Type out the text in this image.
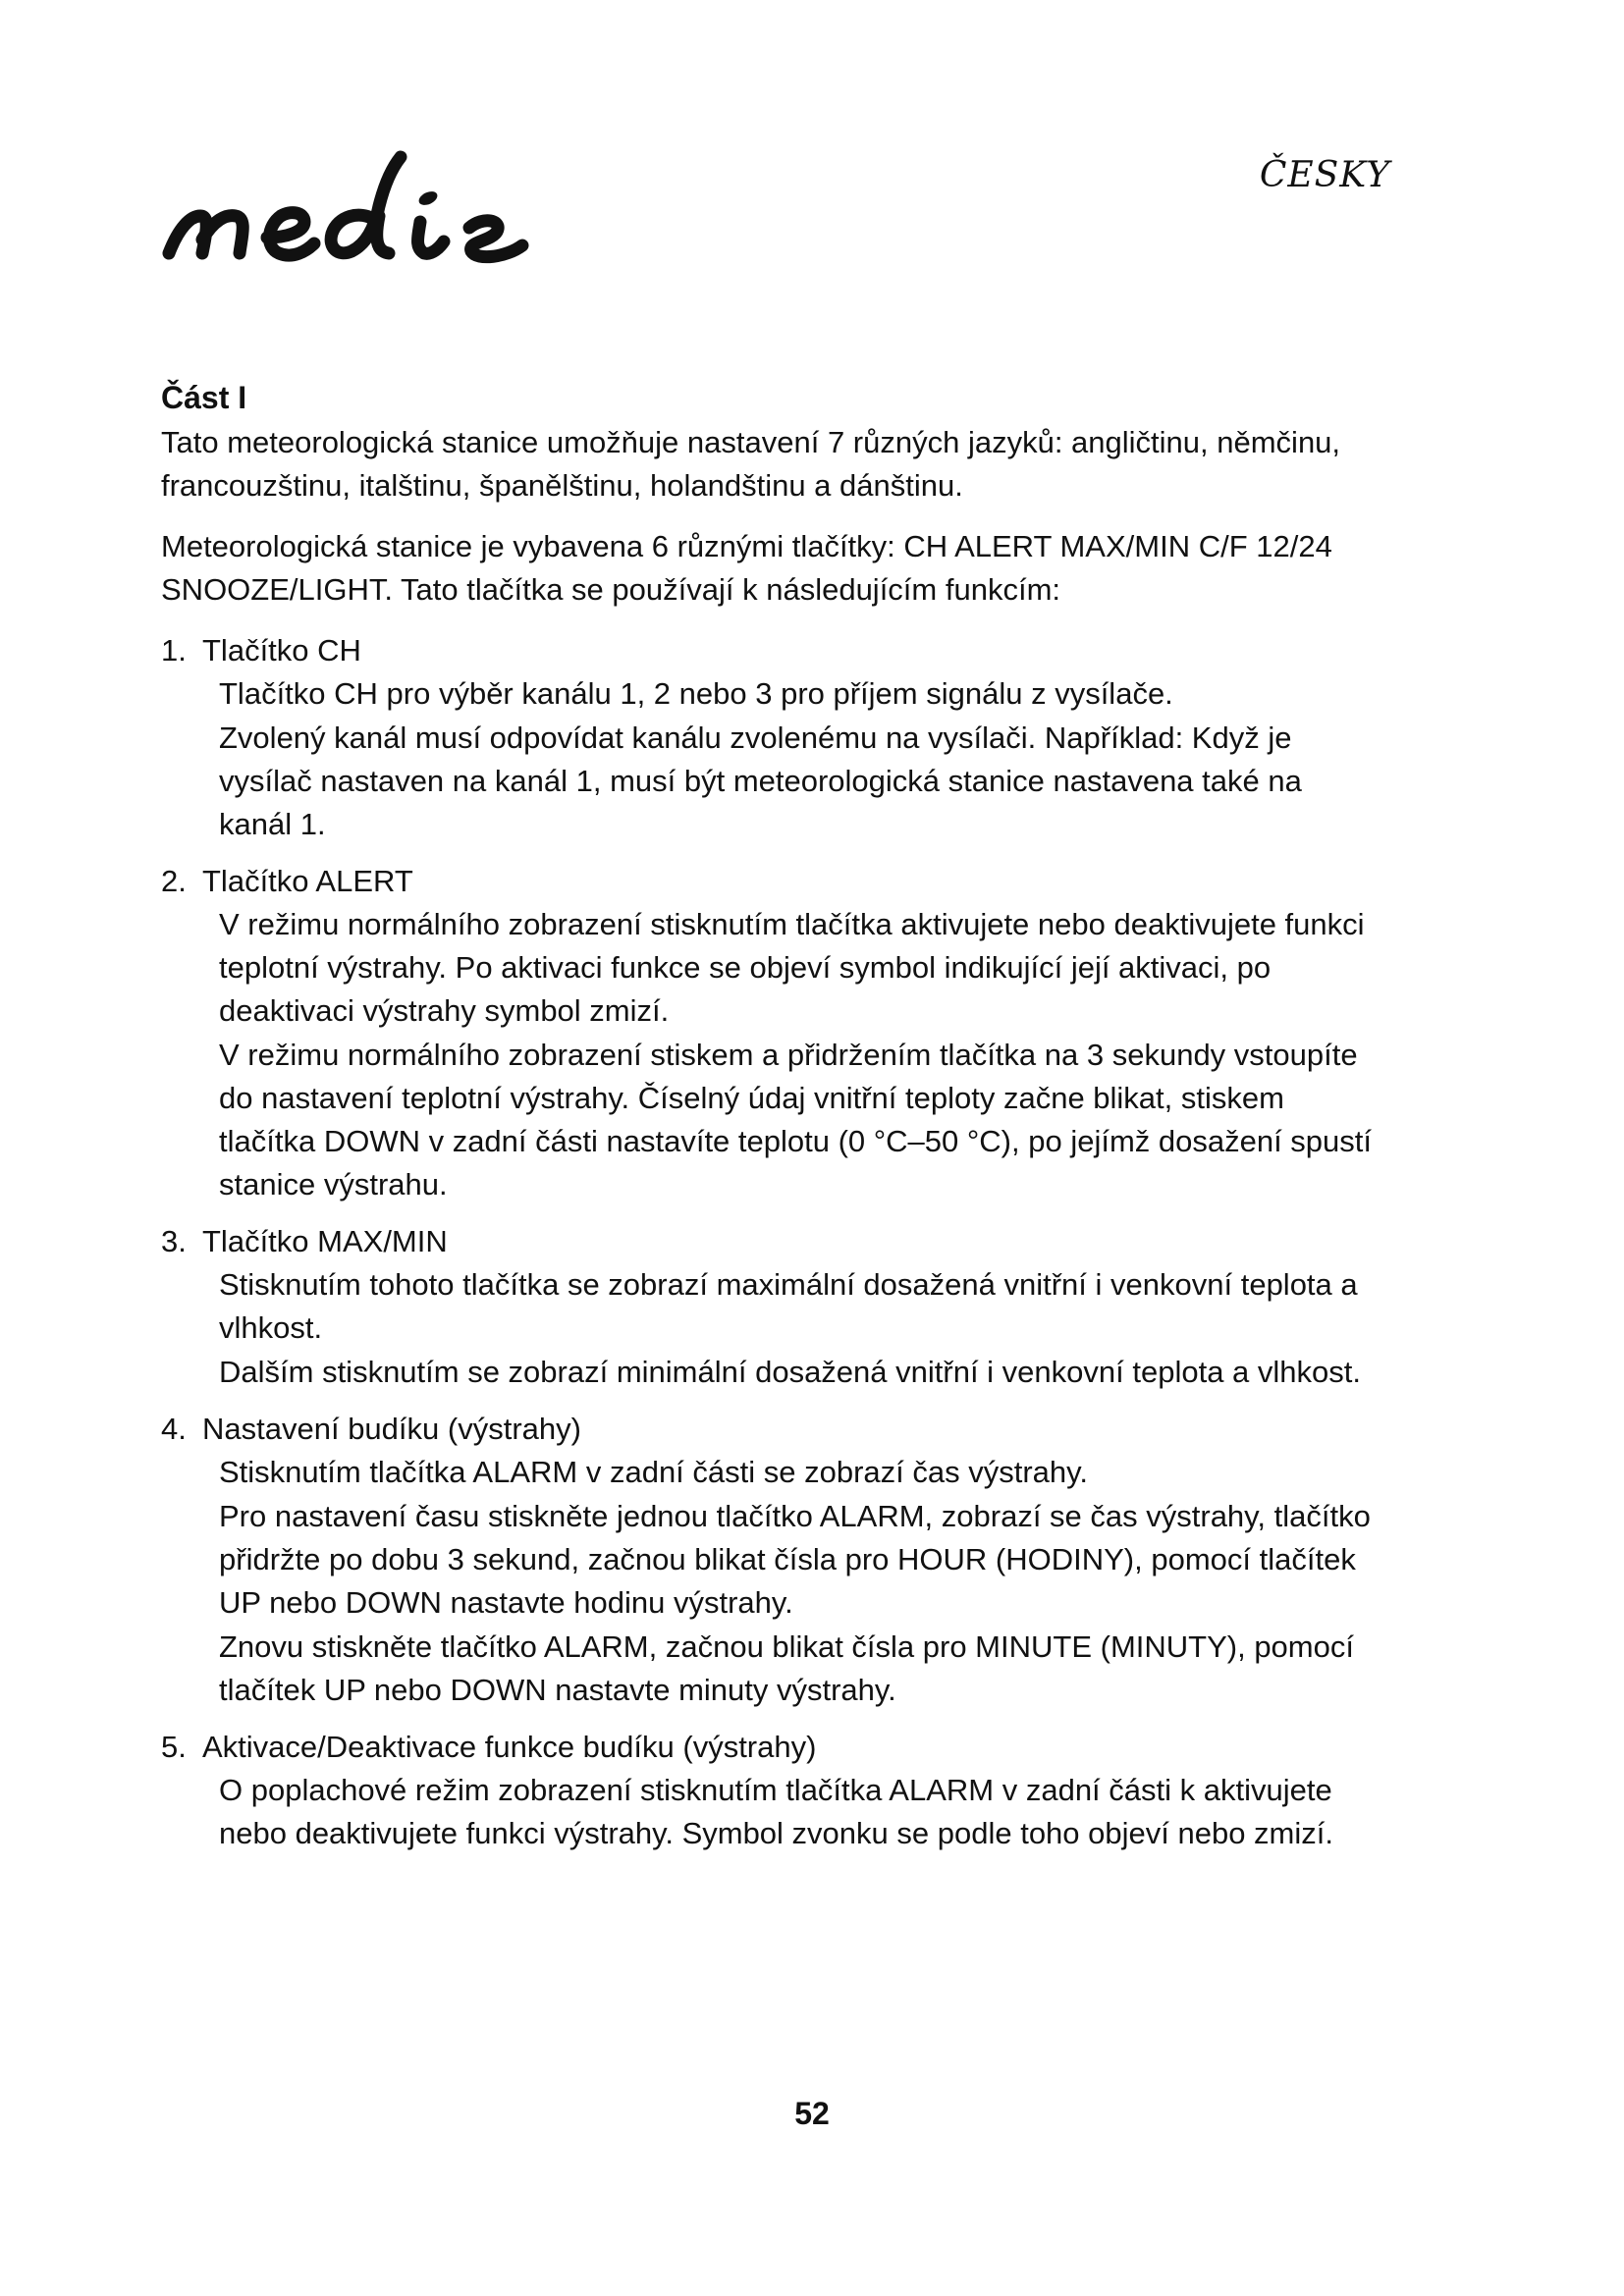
ČESKY
Část I

Tato meteorologická stanice umožňuje nastavení 7 různých jazyků: angličtinu, němčinu, francouzštinu, italštinu, španělštinu, holandštinu a dánštinu.

Meteorologická stanice je vybavena 6 různými tlačítky: CH ALERT MAX/MIN C/F 12/24 SNOOZE/LIGHT. Tato tlačítka se používají k následujícím funkcím:

1. Tlačítko CH

Tlačítko CH pro výběr kanálu 1, 2 nebo 3 pro příjem signálu z vysílače.

Zvolený kanál musí odpovídat kanálu zvolenému na vysílači. Například: Když je vysílač nastaven na kanál 1, musí být meteorologická stanice nastavena také na kanál 1.

2. Tlačítko ALERT

V režimu normálního zobrazení stisknutím tlačítka aktivujete nebo deaktivujete funkci teplotní výstrahy. Po aktivaci funkce se objeví symbol indikující její aktivaci, po deaktivaci výstrahy symbol zmizí.

V režimu normálního zobrazení stiskem a přidržením tlačítka na 3 sekundy vstoupíte do nastavení teplotní výstrahy. Číselný údaj vnitřní teploty začne blikat, stiskem tlačítka DOWN v zadní části nastavíte teplotu (0 °C–50 °C), po jejímž dosažení spustí stanice výstrahu.

3. Tlačítko MAX/MIN

Stisknutím tohoto tlačítka se zobrazí maximální dosažená vnitřní i venkovní teplota a vlhkost.

Dalším stisknutím se zobrazí minimální dosažená vnitřní i venkovní teplota a vlhkost.

4. Nastavení budíku (výstrahy)

Stisknutím tlačítka ALARM v zadní části se zobrazí čas výstrahy.

Pro nastavení času stiskněte jednou tlačítko ALARM, zobrazí se čas výstrahy, tlačítko přidržte po dobu 3 sekund, začnou blikat čísla pro HOUR (HODINY), pomocí tlačítek UP nebo DOWN nastavte hodinu výstrahy.

Znovu stiskněte tlačítko ALARM, začnou blikat čísla pro MINUTE (MINUTY), pomocí tlačítek UP nebo DOWN nastavte minuty výstrahy.

5. Aktivace/Deaktivace funkce budíku (výstrahy)

O poplachové režim zobrazení stisknutím tlačítka ALARM v zadní části k aktivujete nebo deaktivujete funkci výstrahy. Symbol zvonku se podle toho objeví nebo zmizí.

52
